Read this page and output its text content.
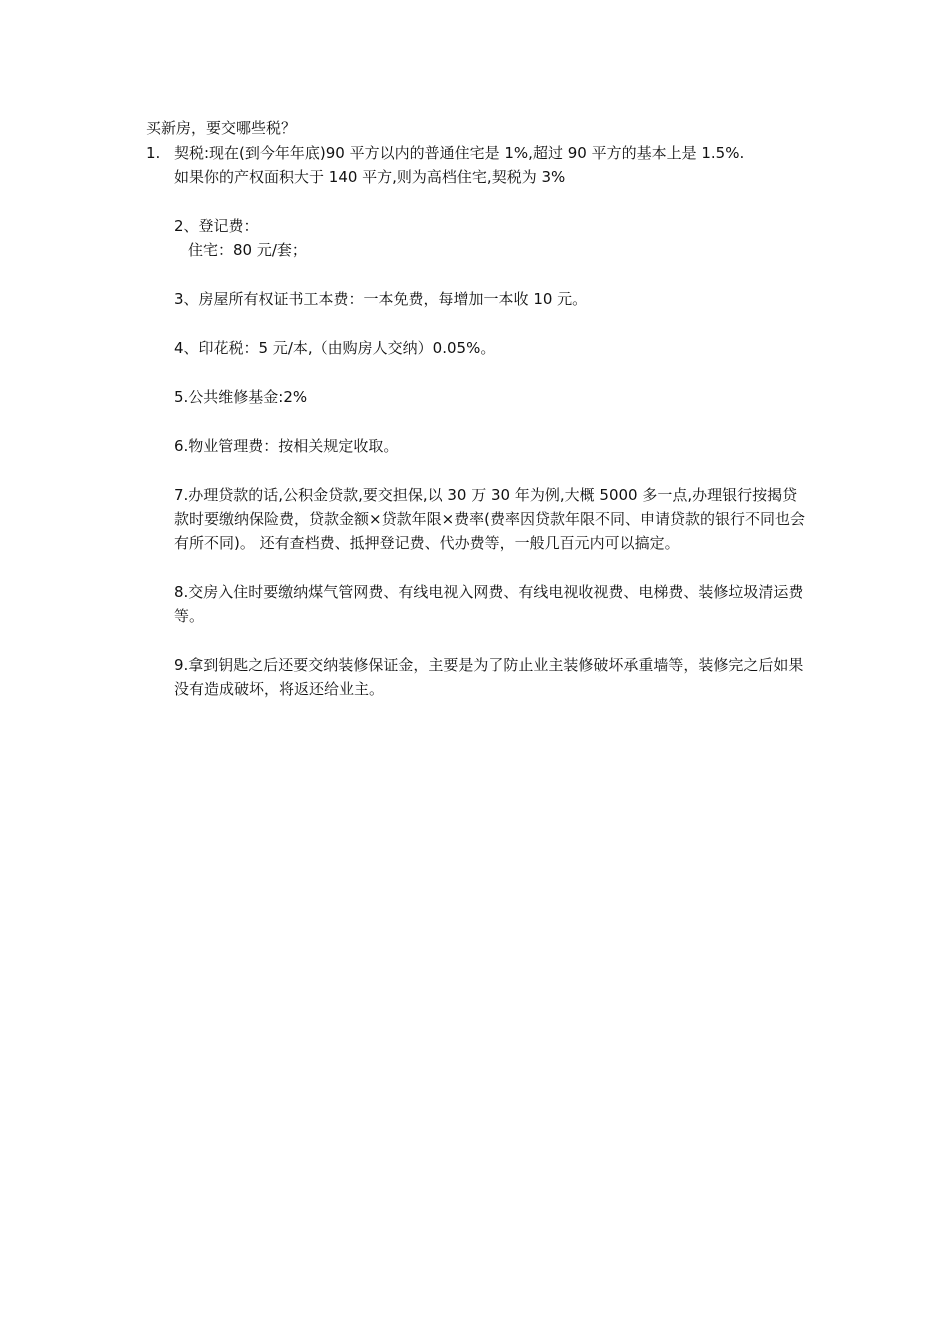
买新房，要交哪些税？

1. 契税:现在(到今年年底)90 平方以内的普通住宅是 1%,超过 90 平方的基本上是 1.5%.
如果你的产权面积大于 140 平方,则为高档住宅,契税为 3%

2、登记费：
住宅：80 元/套；

3、房屋所有权证书工本费：一本免费，每增加一本收 10 元。

4、印花税：5 元/本,（由购房人交纳）0.05%。

5.公共维修基金:2%

6.物业管理费：按相关规定收取。

7.办理贷款的话,公积金贷款,要交担保,以 30 万 30 年为例,大概 5000 多一点,办理银行按揭贷款时要缴纳保险费，贷款金额×贷款年限×费率(费率因贷款年限不同、申请贷款的银行不同也会有所不同)。 还有查档费、抵押登记费、代办费等，一般几百元内可以搞定。

8.交房入住时要缴纳煤气管网费、有线电视入网费、有线电视收视费、电梯费、装修垃圾清运费等。

9.拿到钥匙之后还要交纳装修保证金，主要是为了防止业主装修破坏承重墙等，装修完之后如果没有造成破坏，将返还给业主。
